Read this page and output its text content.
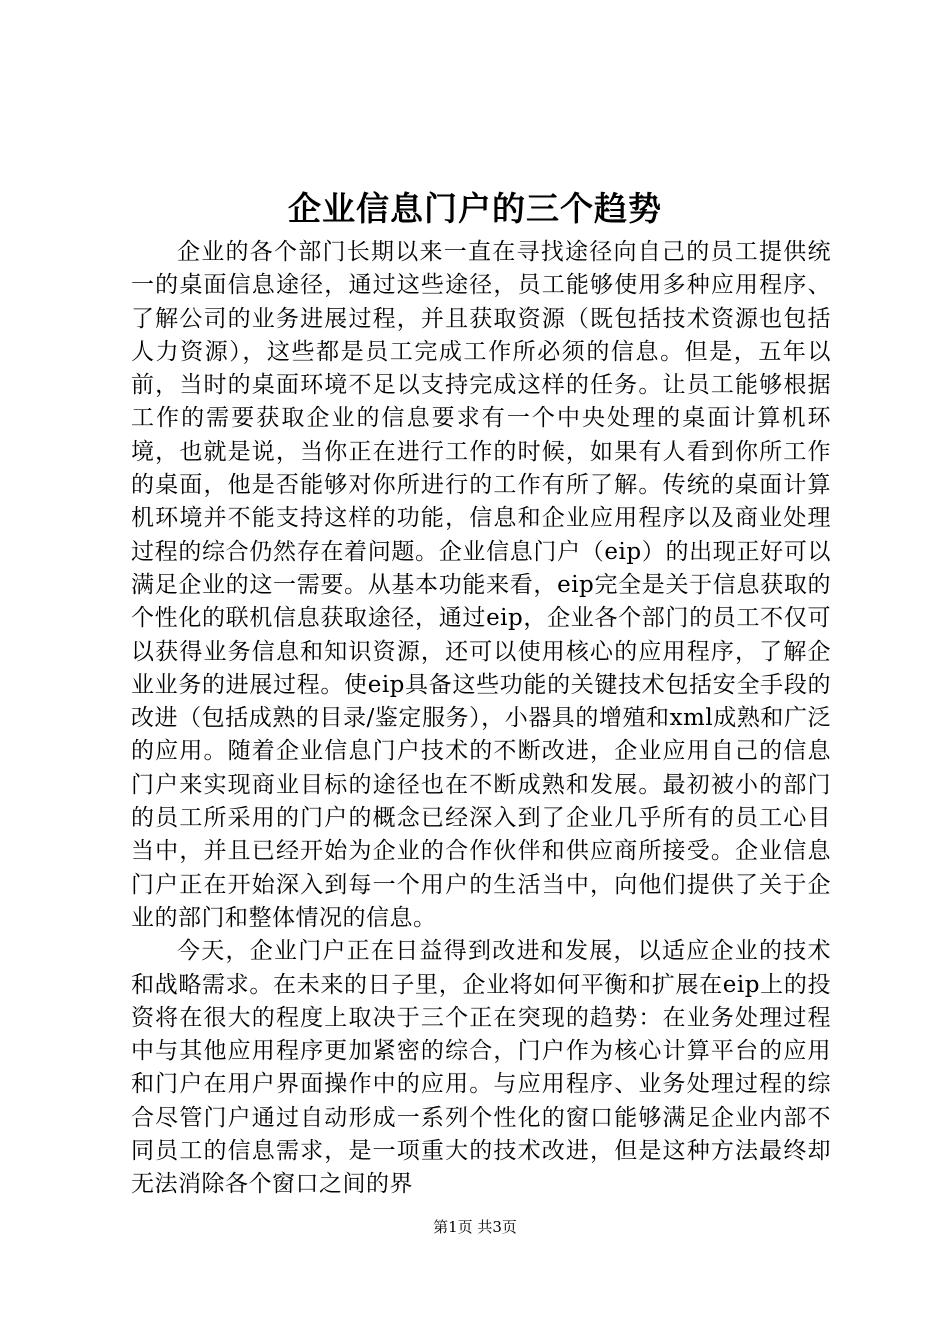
企业信息门户的三个趋势

企业的各个部门长期以来一直在寻找途径向自己的员工提供统一的桌面信息途径，通过这些途径，员工能够使用多种应用程序、了解公司的业务进展过程，并且获取资源（既包括技术资源也包括人力资源），这些都是员工完成工作所必须的信息。但是，五年以前，当时的桌面环境不足以支持完成这样的任务。让员工能够根据工作的需要获取企业的信息要求有一个中央处理的桌面计算机环境，也就是说，当你正在进行工作的时候，如果有人看到你所工作的桌面，他是否能够对你所进行的工作有所了解。传统的桌面计算机环境并不能支持这样的功能，信息和企业应用程序以及商业处理过程的综合仍然存在着问题。企业信息门户（eip）的出现正好可以满足企业的这一需要。从基本功能来看，eip完全是关于信息获取的个性化的联机信息获取途径，通过eip，企业各个部门的员工不仅可以获得业务信息和知识资源，还可以使用核心的应用程序，了解企业业务的进展过程。使eip具备这些功能的关键技术包括安全手段的改进（包括成熟的目录/鉴定服务），小器具的增殖和xml成熟和广泛的应用。随着企业信息门户技术的不断改进，企业应用自己的信息门户来实现商业目标的途径也在不断成熟和发展。最初被小的部门的员工所采用的门户的概念已经深入到了企业几乎所有的员工心目当中，并且已经开始为企业的合作伙伴和供应商所接受。企业信息门户正在开始深入到每一个用户的生活当中，向他们提供了关于企业的部门和整体情况的信息。

今天，企业门户正在日益得到改进和发展，以适应企业的技术和战略需求。在未来的日子里，企业将如何平衡和扩展在eip上的投资将在很大的程度上取决于三个正在突现的趋势：在业务处理过程中与其他应用程序更加紧密的综合，门户作为核心计算平台的应用和门户在用户界面操作中的应用。与应用程序、业务处理过程的综合尽管门户通过自动形成一系列个性化的窗口能够满足企业内部不同员工的信息需求，是一项重大的技术改进，但是这种方法最终却无法消除各个窗口之间的界

第1页 共3页
